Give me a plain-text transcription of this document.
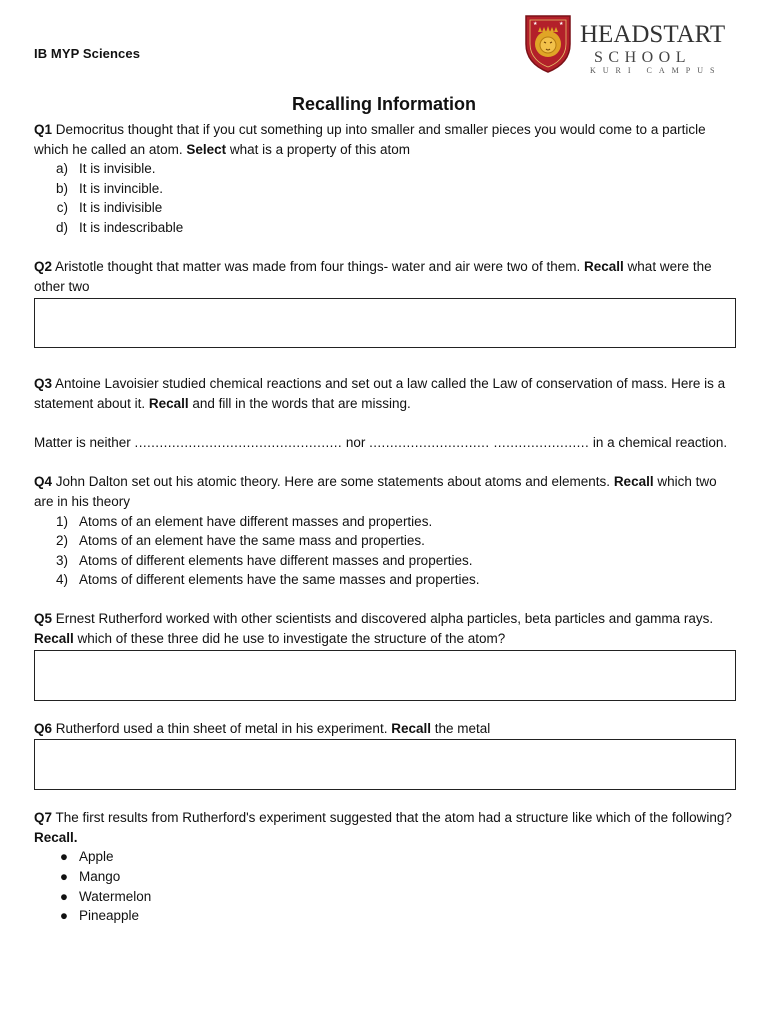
IB MYP Sciences
★	★ HEADSTART
SCHOOL
KURI CAMPUS
Recalling Information

Q1 Democritus thought that if you cut something up into smaller and smaller pieces you would come to a particle which he called an atom. Select what is a property of this atom

a) It is invisible.
b) It is invincible.
c) It is indivisible
d) It is indescribable

Q2 Aristotle thought that matter was made from four things- water and air were two of them. Recall what were the other two

Q3 Antoine Lavoisier studied chemical reactions and set out a law called the Law of conservation of mass. Here is a statement about it. Recall and fill in the words that are missing.

Matter is neither .................................................. nor ............................. ....................... in a chemical reaction.

Q4 John Dalton set out his atomic theory. Here are some statements about atoms and elements. Recall which two are in his theory

1) Atoms of an element have different masses and properties.
2) Atoms of an element have the same mass and properties.
3) Atoms of different elements have different masses and properties.
4) Atoms of different elements have the same masses and properties.

Q5 Ernest Rutherford worked with other scientists and discovered alpha particles, beta particles and gamma rays. Recall which of these three did he use to investigate the structure of the atom?

Q6 Rutherford used a thin sheet of metal in his experiment. Recall the metal

Q7 The first results from Rutherford's experiment suggested that the atom had a structure like which of the following? Recall.

● Apple
● Mango
● Watermelon
● Pineapple
